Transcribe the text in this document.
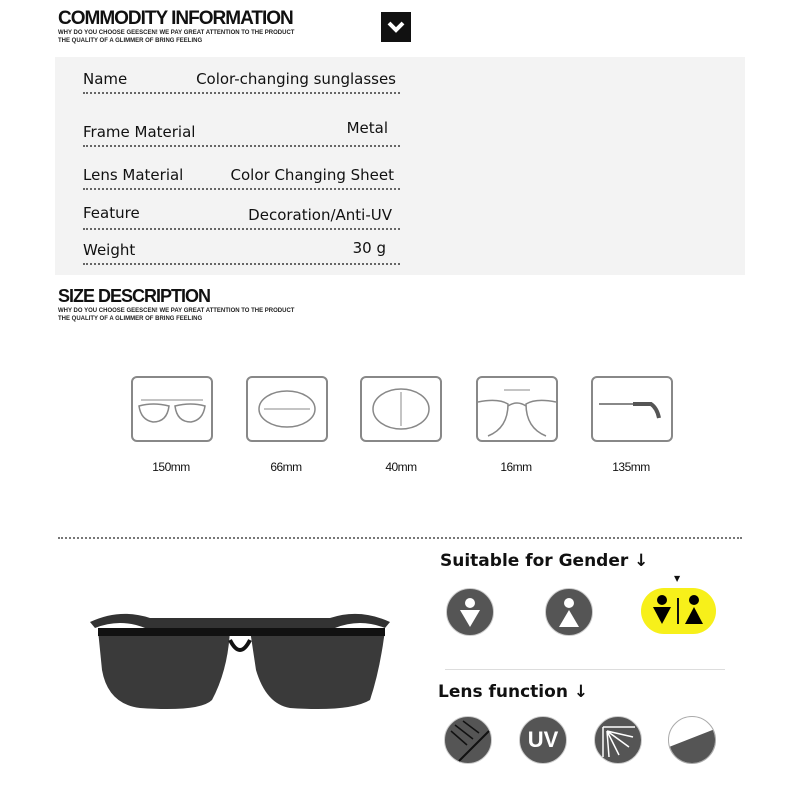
COMMODITY INFORMATION
WHY DO YOU CHOOSE GEESCEN! WE PAY GREAT ATTENTION TO THE PRODUCT
THE QUALITY OF A GLIMMER OF BRING FEELING
Name	Color-changing sunglasses
Frame Material	Metal
Lens Material	Color Changing Sheet
Feature	Decoration/Anti-UV
Weight	30 g
SIZE DESCRIPTION
WHY DO YOU CHOOSE GEESCEN! WE PAY GREAT ATTENTION TO THE PRODUCT
THE QUALITY OF A GLIMMER OF BRING FEELING
150mm	66mm	40mm	16mm	135mm
Suitable for Gender ↓
▼
Lens function ↓
UV
